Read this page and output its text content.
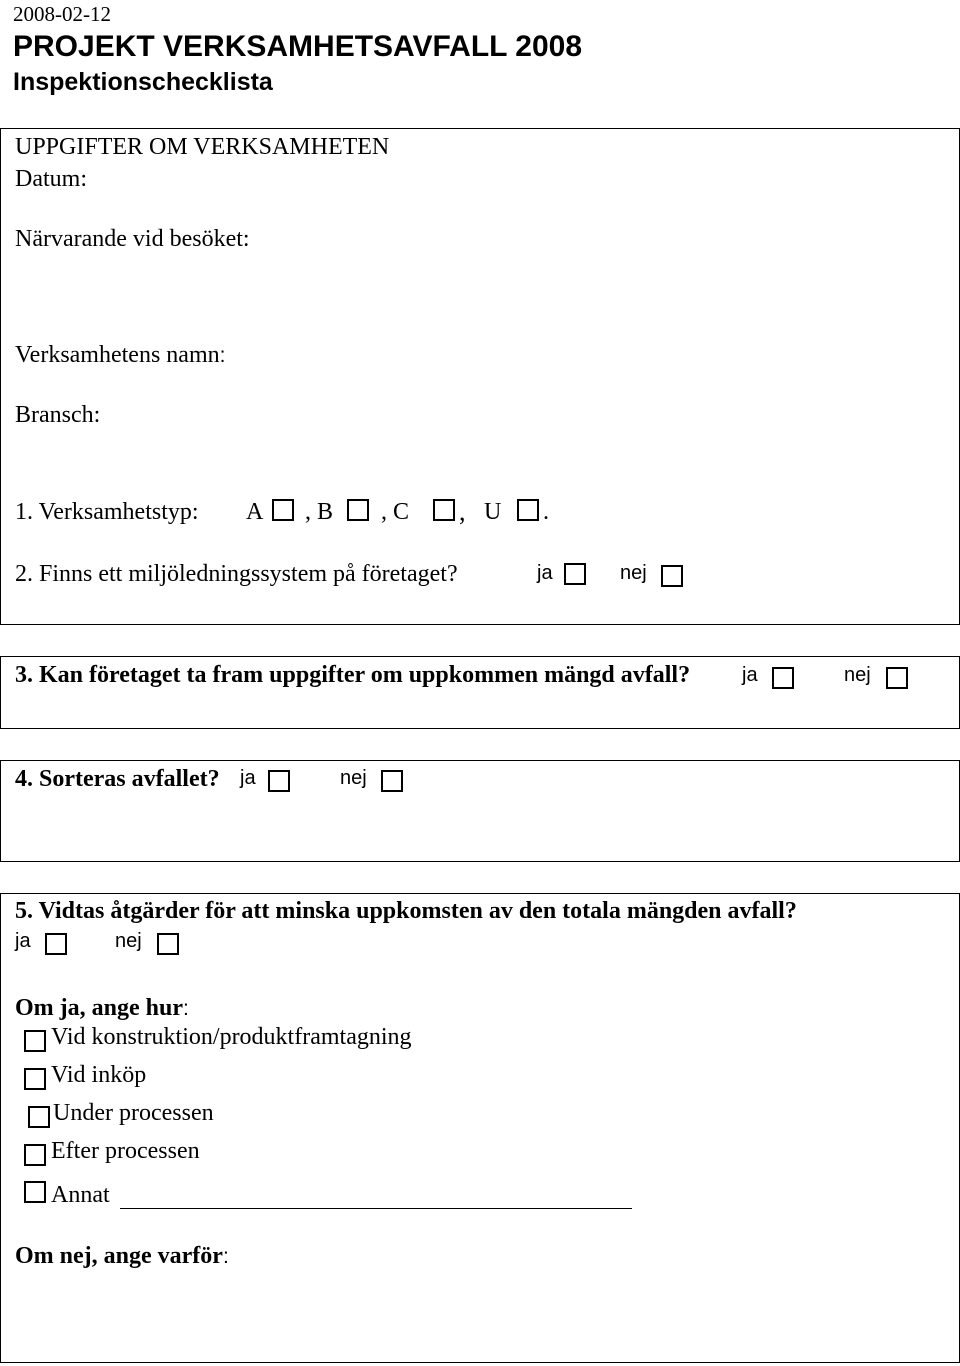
2008-02-12
PROJEKT VERKSAMHETSAVFALL 2008
Inspektionschecklista
UPPGIFTER OM VERKSAMHETEN
Datum:
Närvarande vid besöket:
Verksamhetens namn:
Bransch:
1. Verksamhetstyp: A , B , C , U .
2. Finns ett miljöledningssystem på företaget?	ja	nej
3. Kan företaget ta fram uppgifter om uppkommen mängd avfall?	ja	nej
4. Sorteras avfallet? ja	nej
5. Vidtas åtgärder för att minska uppkomsten av den totala mängden avfall?
ja	nej
Om ja, ange hur:
Vid konstruktion/produktframtagning
Vid inköp
Under processen
Efter processen
Annat
Om nej, ange varför:
